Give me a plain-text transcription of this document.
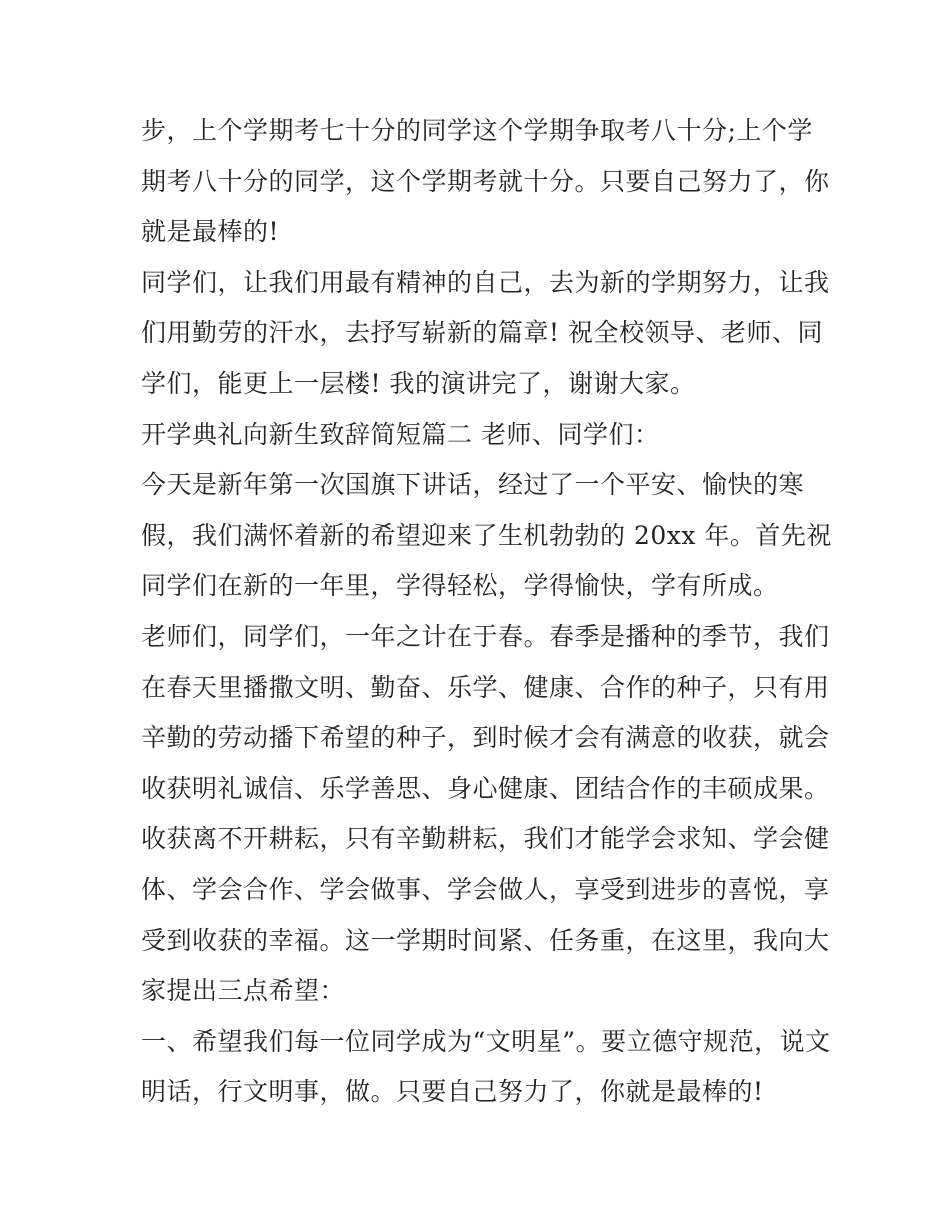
步，上个学期考七十分的同学这个学期争取考八十分;上个学
期考八十分的同学，这个学期考就十分。只要自己努力了，你
就是最棒的!
同学们，让我们用最有精神的自己，去为新的学期努力，让我
们用勤劳的汗水，去抒写崭新的篇章! 祝全校领导、老师、同
学们，能更上一层楼! 我的演讲完了，谢谢大家。
开学典礼向新生致辞简短篇二 老师、同学们：
今天是新年第一次国旗下讲话，经过了一个平安、愉快的寒
假，我们满怀着新的希望迎来了生机勃勃的 20xx 年。首先祝
同学们在新的一年里，学得轻松，学得愉快，学有所成。
老师们，同学们，一年之计在于春。春季是播种的季节，我们
在春天里播撒文明、勤奋、乐学、健康、合作的种子，只有用
辛勤的劳动播下希望的种子，到时候才会有满意的收获，就会
收获明礼诚信、乐学善思、身心健康、团结合作的丰硕成果。
收获离不开耕耘，只有辛勤耕耘，我们才能学会求知、学会健
体、学会合作、学会做事、学会做人，享受到进步的喜悦，享
受到收获的幸福。这一学期时间紧、任务重，在这里，我向大
家提出三点希望：
一、希望我们每一位同学成为“文明星”。要立德守规范，说文
明话，行文明事，做。只要自己努力了，你就是最棒的!
